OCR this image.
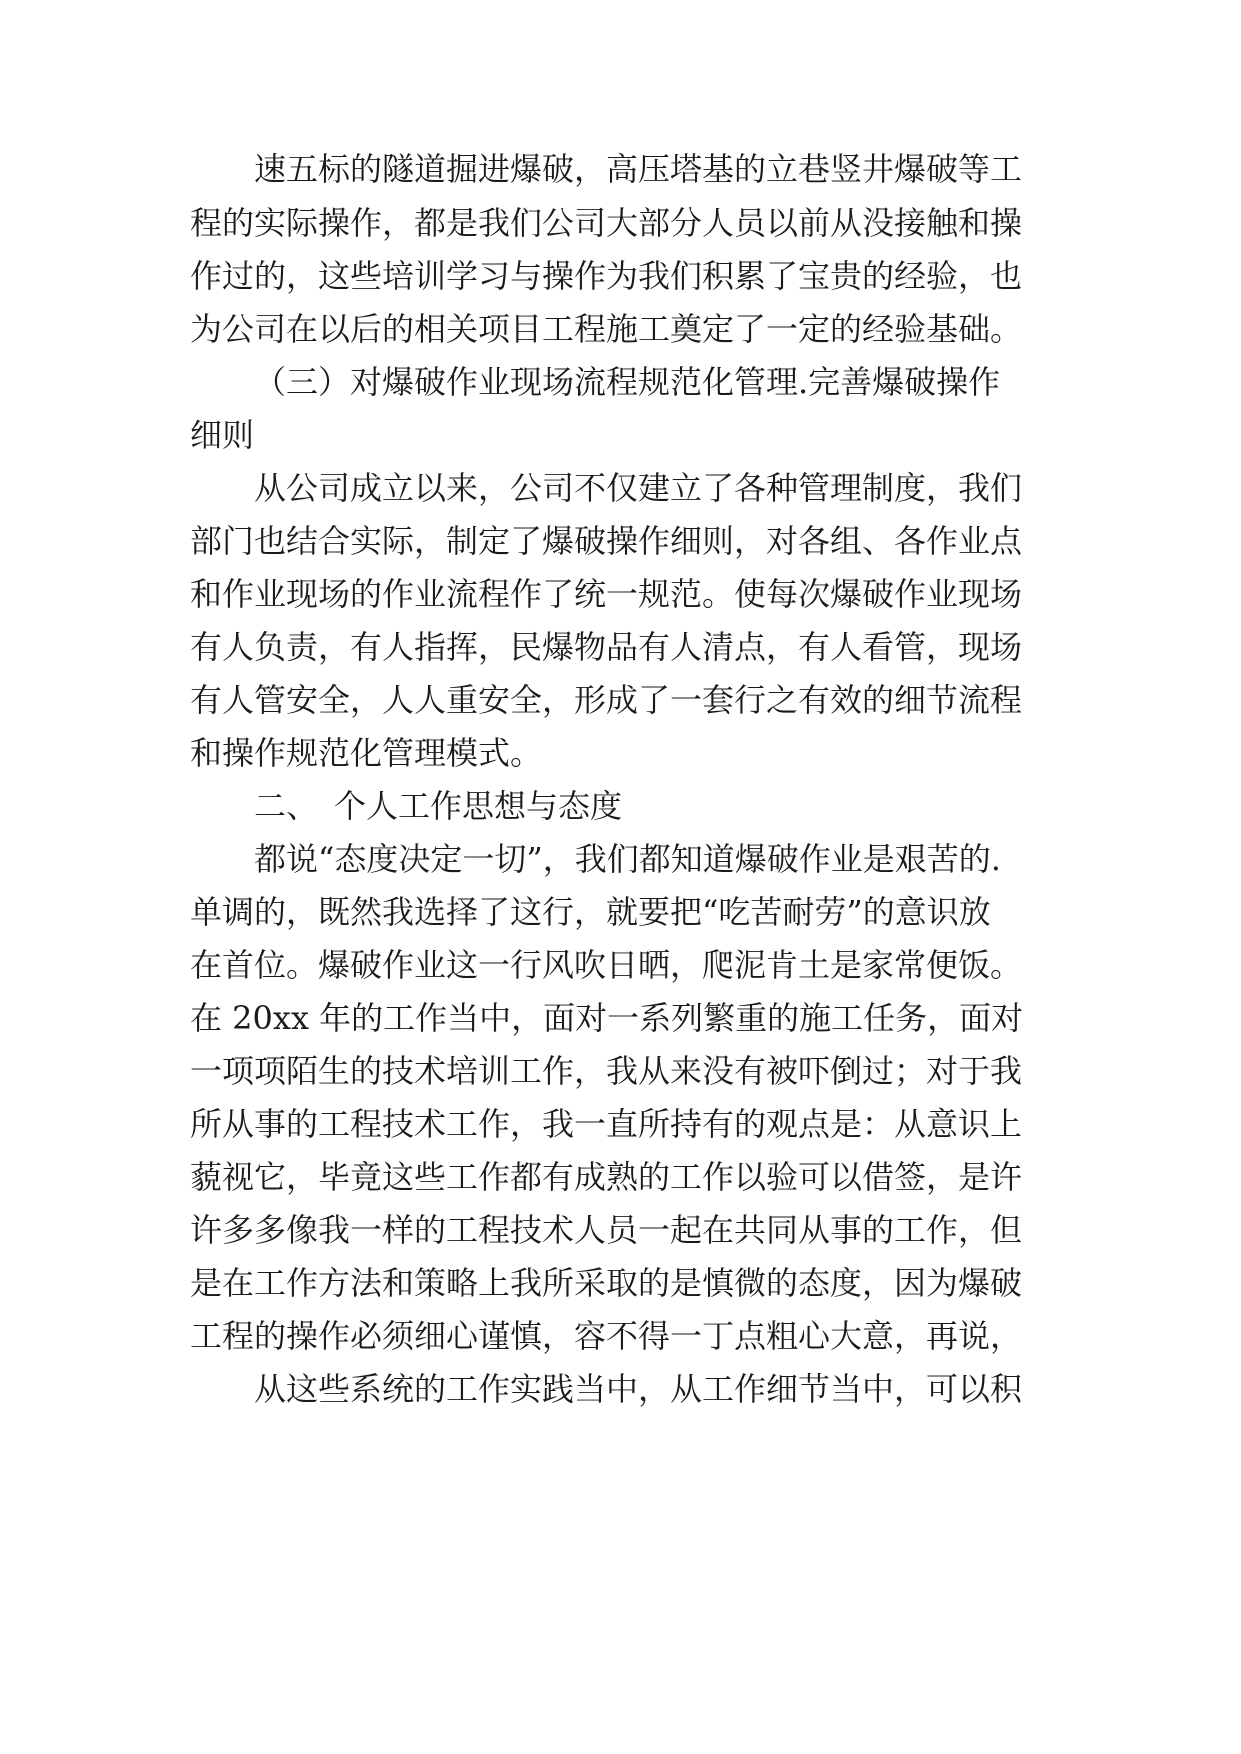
速五标的隧道掘进爆破，高压塔基的立巷竖井爆破等工
程的实际操作，都是我们公司大部分人员以前从没接触和操
作过的，这些培训学习与操作为我们积累了宝贵的经验，也
为公司在以后的相关项目工程施工奠定了一定的经验基础。
（三）对爆破作业现场流程规范化管理.完善爆破操作
细则
从公司成立以来，公司不仅建立了各种管理制度，我们
部门也结合实际，制定了爆破操作细则，对各组、各作业点
和作业现场的作业流程作了统一规范。使每次爆破作业现场
有人负责，有人指挥，民爆物品有人清点，有人看管，现场
有人管安全，人人重安全，形成了一套行之有效的细节流程
和操作规范化管理模式。
二、　个人工作思想与态度
都说“态度决定一切”，我们都知道爆破作业是艰苦的.
单调的，既然我选择了这行，就要把“吃苦耐劳”的意识放
在首位。爆破作业这一行风吹日晒，爬泥肯土是家常便饭。
在 20xx 年的工作当中，面对一系列繁重的施工任务，面对
一项项陌生的技术培训工作，我从来没有被吓倒过；对于我
所从事的工程技术工作，我一直所持有的观点是：从意识上
藐视它，毕竟这些工作都有成熟的工作以验可以借签，是许
许多多像我一样的工程技术人员一起在共同从事的工作，但
是在工作方法和策略上我所采取的是慎微的态度，因为爆破
工程的操作必须细心谨慎，容不得一丁点粗心大意，再说，
从这些系统的工作实践当中，从工作细节当中，可以积
